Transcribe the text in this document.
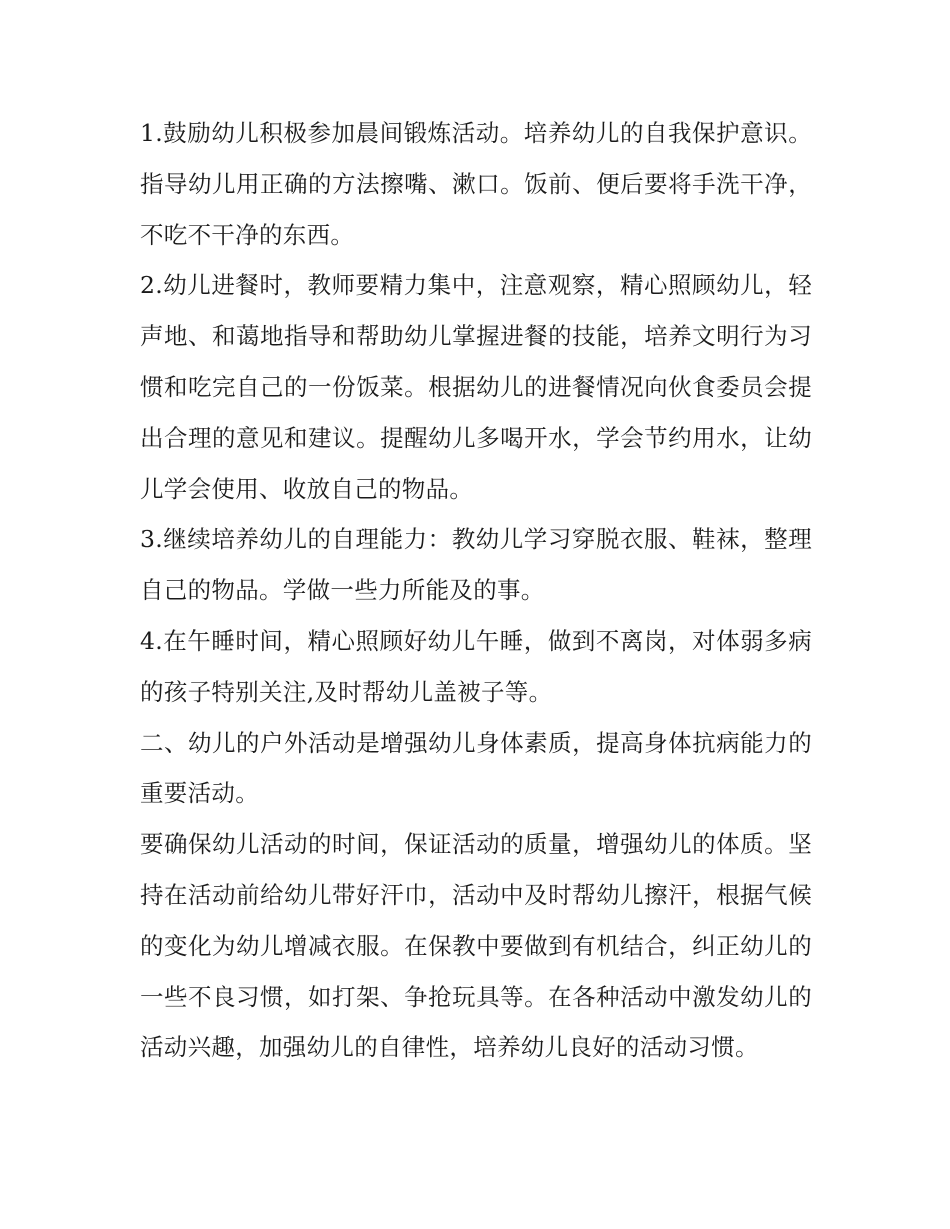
1.鼓励幼儿积极参加晨间锻炼活动。培养幼儿的自我保护意识。指导幼儿用正确的方法擦嘴、漱口。饭前、便后要将手洗干净，不吃不干净的东西。

2.幼儿进餐时，教师要精力集中，注意观察，精心照顾幼儿，轻声地、和蔼地指导和帮助幼儿掌握进餐的技能，培养文明行为习惯和吃完自己的一份饭菜。根据幼儿的进餐情况向伙食委员会提出合理的意见和建议。提醒幼儿多喝开水，学会节约用水，让幼儿学会使用、收放自己的物品。

3.继续培养幼儿的自理能力：教幼儿学习穿脱衣服、鞋袜，整理自己的物品。学做一些力所能及的事。

4.在午睡时间，精心照顾好幼儿午睡，做到不离岗，对体弱多病的孩子特别关注,及时帮幼儿盖被子等。

二、幼儿的户外活动是增强幼儿身体素质，提高身体抗病能力的重要活动。

要确保幼儿活动的时间，保证活动的质量，增强幼儿的体质。坚持在活动前给幼儿带好汗巾，活动中及时帮幼儿擦汗，根据气候的变化为幼儿增减衣服。在保教中要做到有机结合，纠正幼儿的一些不良习惯，如打架、争抢玩具等。在各种活动中激发幼儿的活动兴趣，加强幼儿的自律性，培养幼儿良好的活动习惯。
